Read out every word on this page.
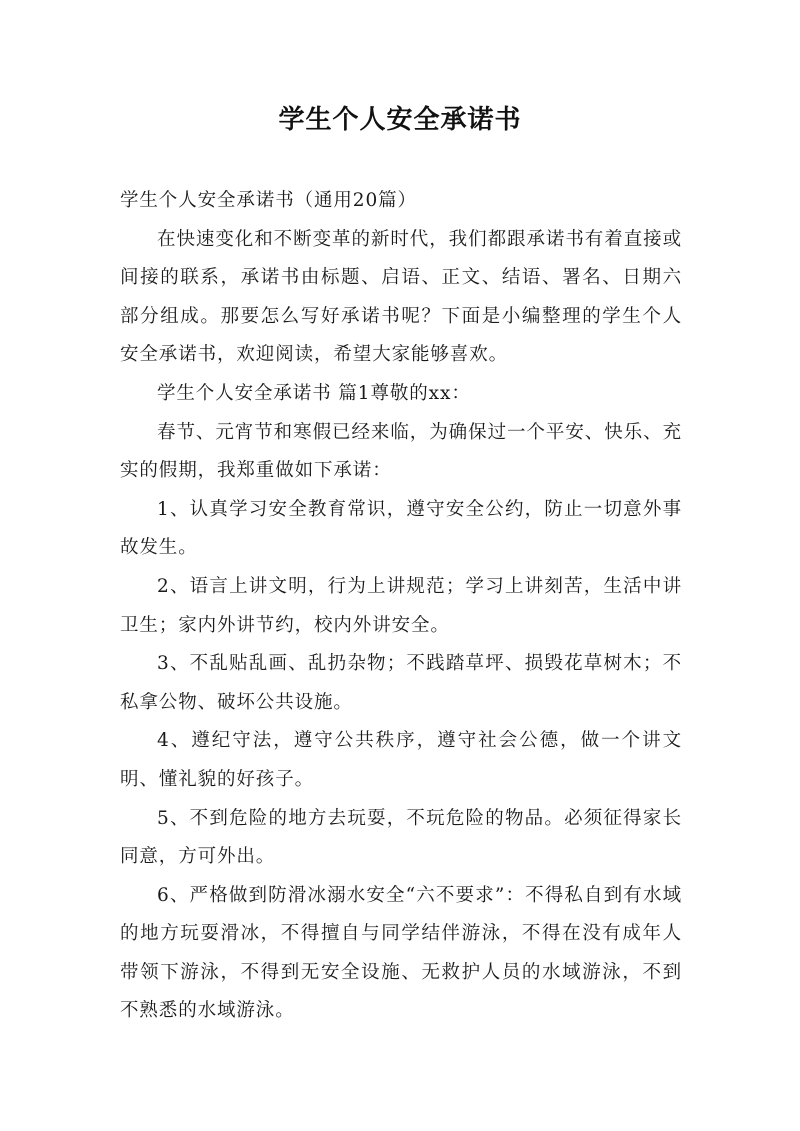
学生个人安全承诺书

学生个人安全承诺书（通用20篇）

在快速变化和不断变革的新时代，我们都跟承诺书有着直接或间接的联系，承诺书由标题、启语、正文、结语、署名、日期六部分组成。那要怎么写好承诺书呢？下面是小编整理的学生个人安全承诺书，欢迎阅读，希望大家能够喜欢。

学生个人安全承诺书 篇1尊敬的xx：

春节、元宵节和寒假已经来临，为确保过一个平安、快乐、充实的假期，我郑重做如下承诺：

1、认真学习安全教育常识，遵守安全公约，防止一切意外事故发生。

2、语言上讲文明，行为上讲规范；学习上讲刻苦，生活中讲卫生；家内外讲节约，校内外讲安全。

3、不乱贴乱画、乱扔杂物；不践踏草坪、损毁花草树木；不私拿公物、破坏公共设施。

4、遵纪守法，遵守公共秩序，遵守社会公德，做一个讲文明、懂礼貌的好孩子。

5、不到危险的地方去玩耍，不玩危险的物品。必须征得家长同意，方可外出。

6、严格做到防滑冰溺水安全“六不要求”：不得私自到有水域的地方玩耍滑冰，不得擅自与同学结伴游泳，不得在没有成年人带领下游泳，不得到无安全设施、无救护人员的水域游泳，不到不熟悉的水域游泳。
